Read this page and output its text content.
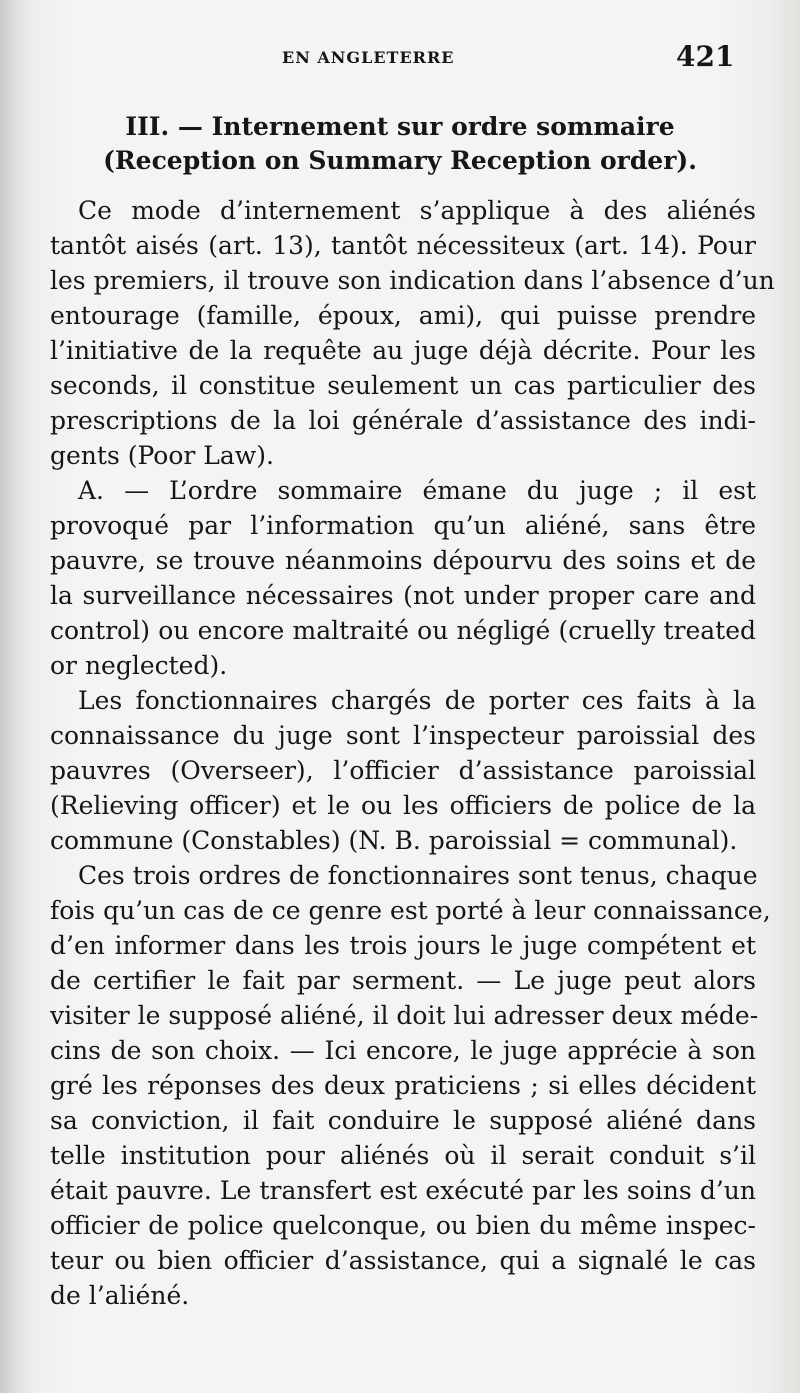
EN ANGLETERRE	421
III. — Internement sur ordre sommaire
(Reception on Summary Reception order).
Ce mode d’internement s’applique à des aliénés
tantôt aisés (art. 13), tantôt nécessiteux (art. 14). Pour
les premiers, il trouve son indication dans l’absence d’un
entourage (famille, époux, ami), qui puisse prendre
l’initiative de la requête au juge déjà décrite. Pour les
seconds, il constitue seulement un cas particulier des
prescriptions de la loi générale d’assistance des indi-
gents (Poor Law).
A. — L’ordre sommaire émane du juge ; il est
provoqué par l’information qu’un aliéné, sans être
pauvre, se trouve néanmoins dépourvu des soins et de
la surveillance nécessaires (not under proper care and
control) ou encore maltraité ou négligé (cruelly treated
or neglected).
Les fonctionnaires chargés de porter ces faits à la
connaissance du juge sont l’inspecteur paroissial des
pauvres (Overseer), l’officier d’assistance paroissial
(Relieving officer) et le ou les officiers de police de la
commune (Constables) (N. B. paroissial = communal).
Ces trois ordres de fonctionnaires sont tenus, chaque
fois qu’un cas de ce genre est porté à leur connaissance,
d’en informer dans les trois jours le juge compétent et
de certifier le fait par serment. — Le juge peut alors
visiter le supposé aliéné, il doit lui adresser deux méde-
cins de son choix. — Ici encore, le juge apprécie à son
gré les réponses des deux praticiens ; si elles décident
sa conviction, il fait conduire le supposé aliéné dans
telle institution pour aliénés où il serait conduit s’il
était pauvre. Le transfert est exécuté par les soins d’un
officier de police quelconque, ou bien du même inspec-
teur ou bien officier d’assistance, qui a signalé le cas
de l’aliéné.
